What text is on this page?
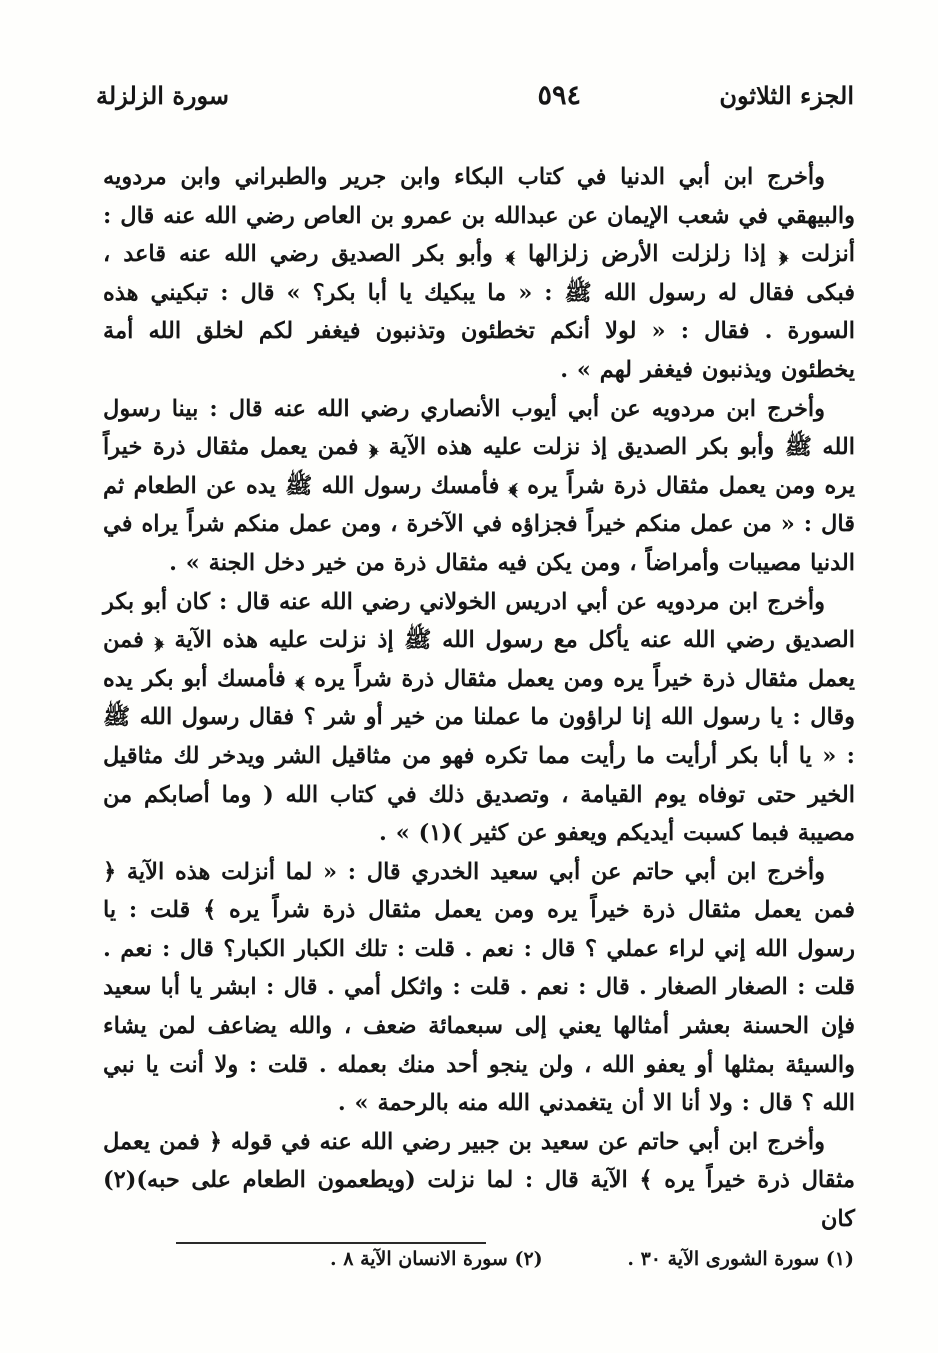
الجزء الثلاثون
٥٩٤
سورة الزلزلة

وأخرج ابن أبي الدنيا في كتاب البكاء وابن جرير والطبراني وابن مردويه والبيهقي في شعب الإيمان عن عبدالله بن عمرو بن العاص رضي الله عنه قال : أنزلت ﴿ إذا زلزلت الأرض زلزالها ﴾ وأبو بكر الصديق رضي الله عنه قاعد ، فبكى فقال له رسول الله ﷺ : « ما يبكيك يا أبا بكر؟ » قال : تبكيني هذه السورة . فقال : « لولا أنكم تخطئون وتذنبون فيغفر لكم لخلق الله أمة يخطئون ويذنبون فيغفر لهم » .

وأخرج ابن مردويه عن أبي أيوب الأنصاري رضي الله عنه قال : بينا رسول الله ﷺ وأبو بكر الصديق إذ نزلت عليه هذه الآية ﴿ فمن يعمل مثقال ذرة خيراً يره ومن يعمل مثقال ذرة شراً يره ﴾ فأمسك رسول الله ﷺ يده عن الطعام ثم قال : « من عمل منكم خيراً فجزاؤه في الآخرة ، ومن عمل منكم شراً يراه في الدنيا مصيبات وأمراضاً ، ومن يكن فيه مثقال ذرة من خير دخل الجنة » .

وأخرج ابن مردويه عن أبي ادريس الخولاني رضي الله عنه قال : كان أبو بكر الصديق رضي الله عنه يأكل مع رسول الله ﷺ إذ نزلت عليه هذه الآية ﴿ فمن يعمل مثقال ذرة خيراً يره ومن يعمل مثقال ذرة شراً يره ﴾ فأمسك أبو بكر يده وقال : يا رسول الله إنا لراؤون ما عملنا من خير أو شر ؟ فقال رسول الله ﷺ : « يا أبا بكر أرأيت ما رأيت مما تكره فهو من مثاقيل الشر ويدخر لك مثاقيل الخير حتى توفاه يوم القيامة ، وتصديق ذلك في كتاب الله ( وما أصابكم من مصيبة فبما كسبت أيديكم ويعفو عن كثير )(١) » .

وأخرج ابن أبي حاتم عن أبي سعيد الخدري قال : « لما أنزلت هذه الآية ﴿ فمن يعمل مثقال ذرة خيراً يره ومن يعمل مثقال ذرة شراً يره ﴾ قلت : يا رسول الله إني لراء عملي ؟ قال : نعم . قلت : تلك الكبار الكبار؟ قال : نعم . قلت : الصغار الصغار . قال : نعم . قلت : واثكل أمي . قال : ابشر يا أبا سعيد فإن الحسنة بعشر أمثالها يعني إلى سبعمائة ضعف ، والله يضاعف لمن يشاء والسيئة بمثلها أو يعفو الله ، ولن ينجو أحد منك بعمله . قلت : ولا أنت يا نبي الله ؟ قال : ولا أنا الا أن يتغمدني الله منه بالرحمة » .

وأخرج ابن أبي حاتم عن سعيد بن جبير رضي الله عنه في قوله ﴿ فمن يعمل مثقال ذرة خيراً يره ﴾ الآية قال : لما نزلت (ويطعمون الطعام على حبه)(٢) كان

(١) سورة الشورى الآية ٣٠ .
(٢) سورة الانسان الآية ٨ .
